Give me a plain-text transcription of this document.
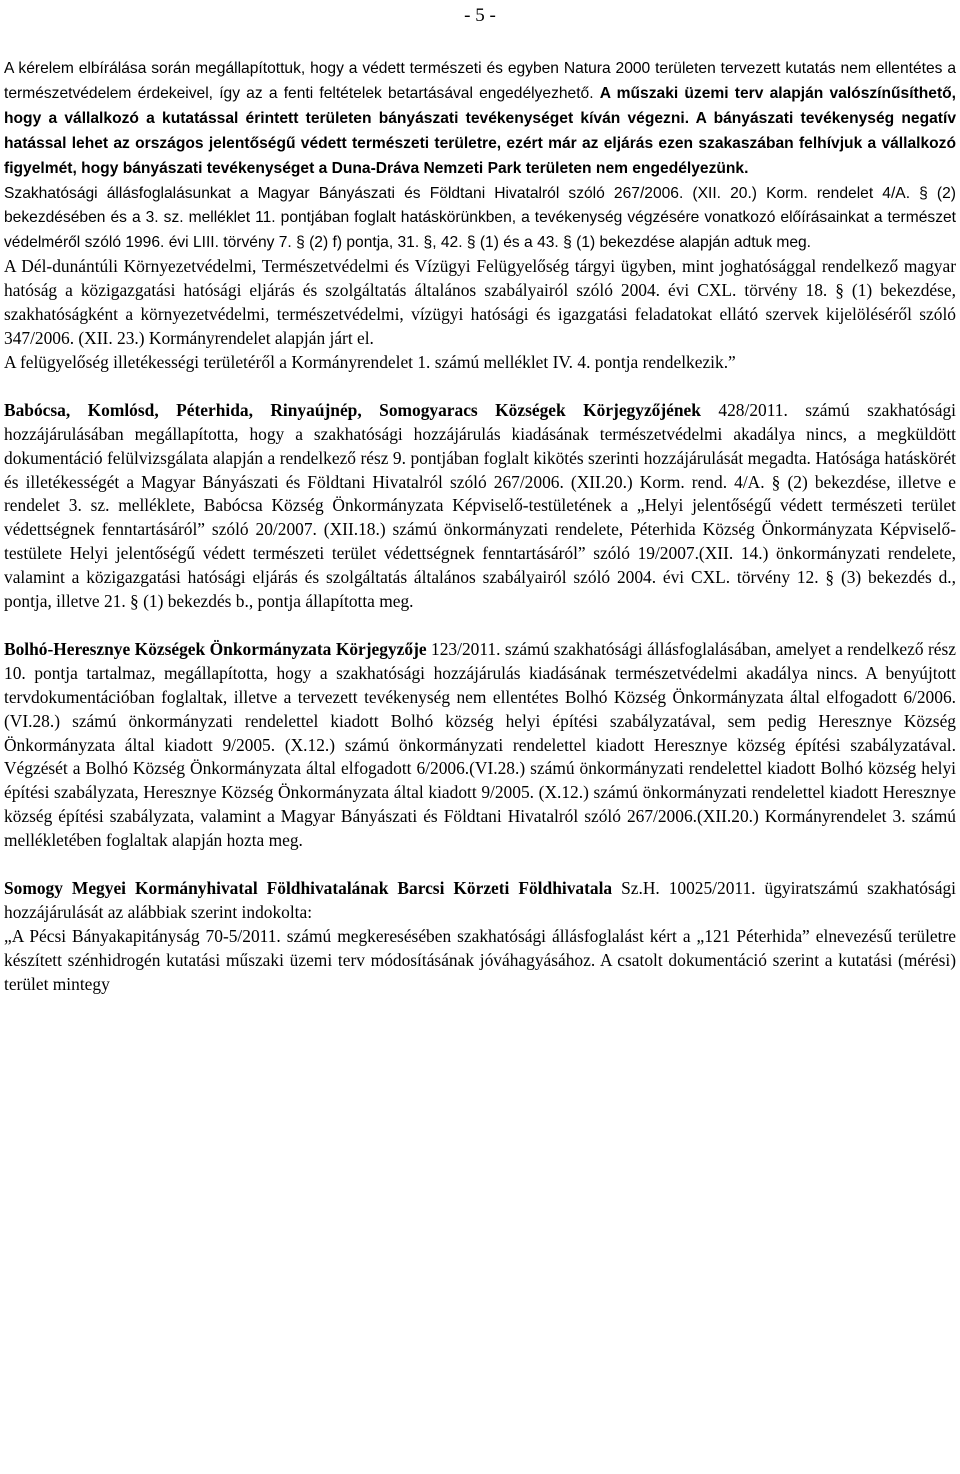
- 5 -

A kérelem elbírálása során megállapítottuk, hogy a védett természeti és egyben Natura 2000 területen tervezett kutatás nem ellentétes a természetvédelem érdekeivel, így az a fenti feltételek betartásával engedélyezhető. A műszaki üzemi terv alapján valószínűsíthető, hogy a vállalkozó a kutatással érintett területen bányászati tevékenységet kíván végezni. A bányászati tevékenység negatív hatással lehet az országos jelentőségű védett természeti területre, ezért már az eljárás ezen szakaszában felhívjuk a vállalkozó figyelmét, hogy bányászati tevékenységet a Duna-Dráva Nemzeti Park területen nem engedélyezünk.

Szakhatósági állásfoglalásunkat a Magyar Bányászati és Földtani Hivatalról szóló 267/2006. (XII. 20.) Korm. rendelet 4/A. § (2) bekezdésében és a 3. sz. melléklet 11. pontjában foglalt hatáskörünkben, a tevékenység végzésére vonatkozó előírásainkat a természet védelméről szóló 1996. évi LIII. törvény 7. § (2) f) pontja, 31. §, 42. § (1) és a 43. § (1) bekezdése alapján adtuk meg.

A Dél-dunántúli Környezetvédelmi, Természetvédelmi és Vízügyi Felügyelőség tárgyi ügyben, mint joghatósággal rendelkező magyar hatóság a közigazgatási hatósági eljárás és szolgáltatás általános szabályairól szóló 2004. évi CXL. törvény 18. § (1) bekezdése, szakhatóságként a környezetvédelmi, természetvédelmi, vízügyi hatósági és igazgatási feladatokat ellátó szervek kijelöléséről szóló 347/2006. (XII. 23.) Kormányrendelet alapján járt el.

A felügyelőség illetékességi területéről a Kormányrendelet 1. számú melléklet IV. 4. pontja rendelkezik.”

Babócsa, Komlósd, Péterhida, Rinyaújnép, Somogyaracs Községek Körjegyzőjének 428/2011. számú szakhatósági hozzájárulásában megállapította, hogy a szakhatósági hozzájárulás kiadásának természetvédelmi akadálya nincs, a megküldött dokumentáció felülvizsgálata alapján a rendelkező rész 9. pontjában foglalt kikötés szerinti hozzájárulását megadta. Hatósága hatáskörét és illetékességét a Magyar Bányászati és Földtani Hivatalról szóló 267/2006. (XII.20.) Korm. rend. 4/A. § (2) bekezdése, illetve e rendelet 3. sz. melléklete, Babócsa Község Önkormányzata Képviselő-testületének a „Helyi jelentőségű védett természeti terület védettségnek fenntartásáról” szóló 20/2007. (XII.18.) számú önkormányzati rendelete, Péterhida Község Önkormányzata Képviselő-testülete Helyi jelentőségű védett természeti terület védettségnek fenntartásáról” szóló 19/2007.(XII. 14.) önkormányzati rendelete, valamint a közigazgatási hatósági eljárás és szolgáltatás általános szabályairól szóló 2004. évi CXL. törvény 12. § (3) bekezdés d., pontja, illetve 21. § (1) bekezdés b., pontja állapította meg.

Bolhó-Heresznye Községek Önkormányzata Körjegyzője 123/2011. számú szakhatósági állásfoglalásában, amelyet a rendelkező rész 10. pontja tartalmaz, megállapította, hogy a szakhatósági hozzájárulás kiadásának természetvédelmi akadálya nincs. A benyújtott tervdokumentációban foglaltak, illetve a tervezett tevékenység nem ellentétes Bolhó Község Önkormányzata által elfogadott 6/2006.(VI.28.) számú önkormányzati rendelettel kiadott Bolhó község helyi építési szabályzatával, sem pedig Heresznye Község Önkormányzata által kiadott 9/2005. (X.12.) számú önkormányzati rendelettel kiadott Heresznye község építési szabályzatával. Végzését a Bolhó Község Önkormányzata által elfogadott 6/2006.(VI.28.) számú önkormányzati rendelettel kiadott Bolhó község helyi építési szabályzata, Heresznye Község Önkormányzata által kiadott 9/2005. (X.12.) számú önkormányzati rendelettel kiadott Heresznye község építési szabályzata, valamint a Magyar Bányászati és Földtani Hivatalról szóló 267/2006.(XII.20.) Kormányrendelet 3. számú mellékletében foglaltak alapján hozta meg.

Somogy Megyei Kormányhivatal Földhivatalának Barcsi Körzeti Földhivatala Sz.H. 10025/2011. ügyiratszámú szakhatósági hozzájárulását az alábbiak szerint indokolta:

„A Pécsi Bányakapitányság 70-5/2011. számú megkeresésében szakhatósági állásfoglalást kért a „121 Péterhida” elnevezésű területre készített szénhidrogén kutatási műszaki üzemi terv módosításának jóváhagyásához. A csatolt dokumentáció szerint a kutatási (mérési) terület mintegy
